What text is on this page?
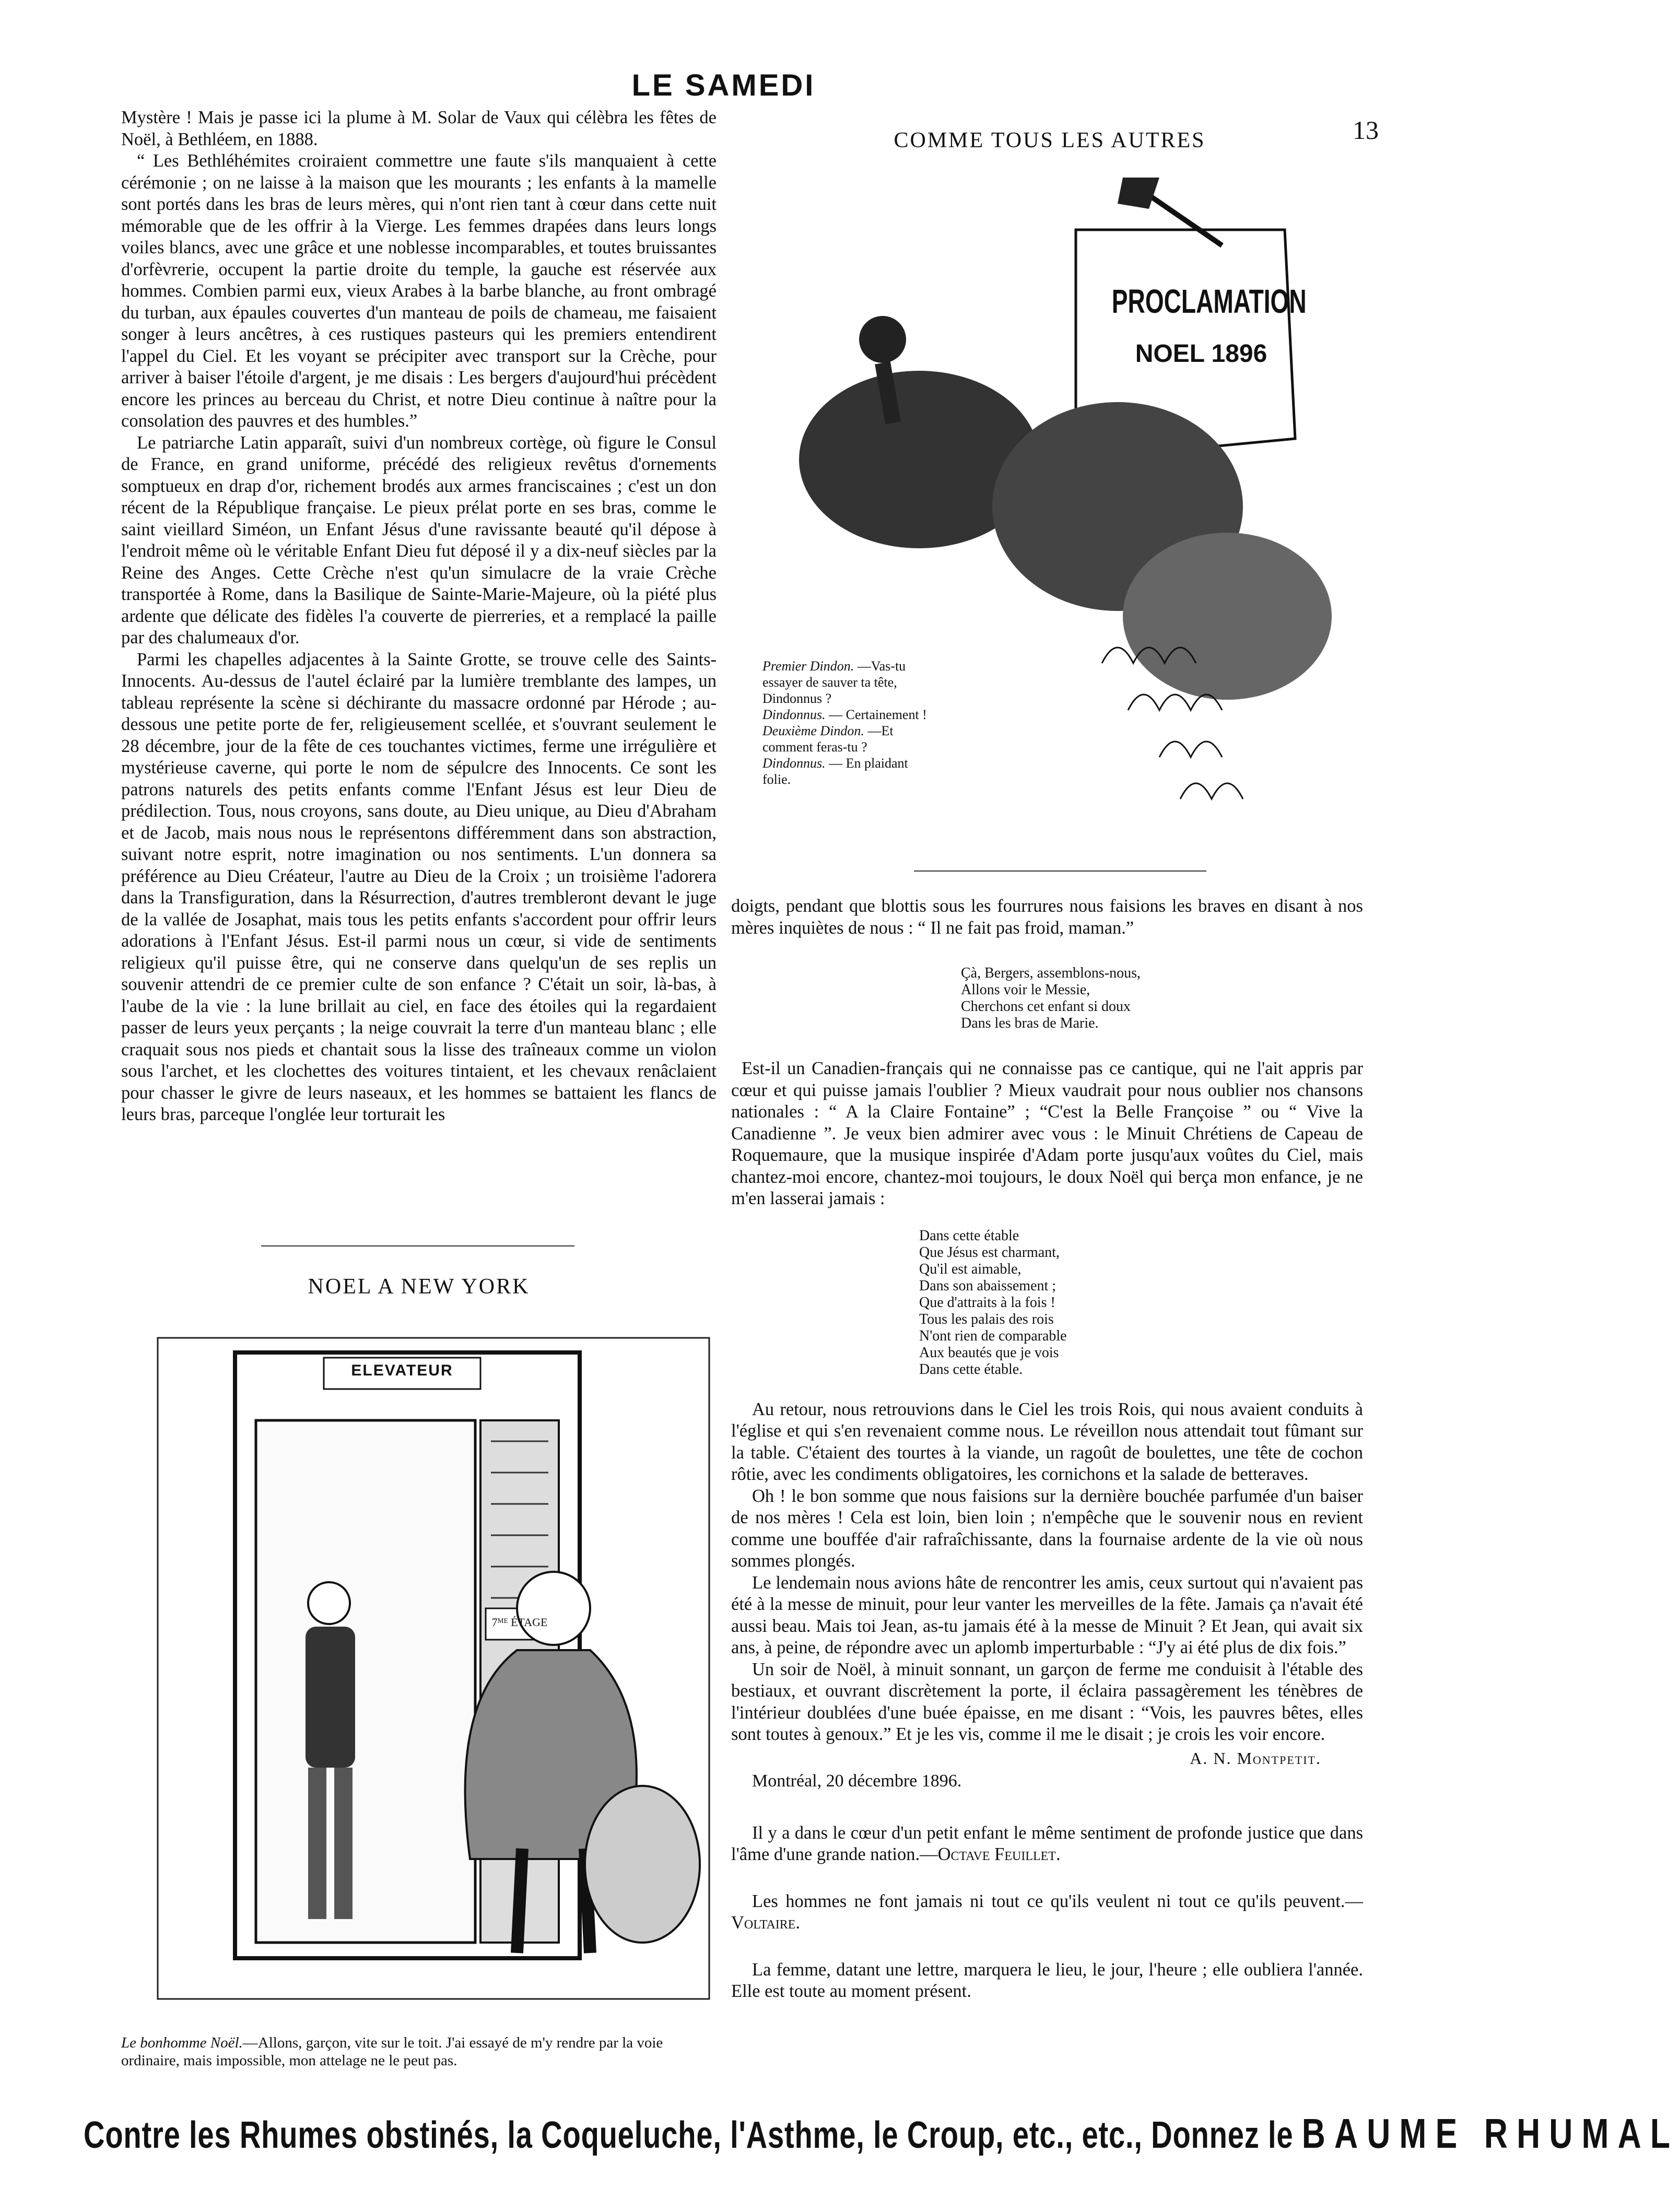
LE SAMEDI
13

Mystère ! Mais je passe ici la plume à M. Solar de Vaux qui célèbra les fêtes de Noël, à Bethléem, en 1888.

“ Les Bethléhémites croiraient commettre une faute s'ils manquaient à cette cérémonie ; on ne laisse à la maison que les mourants ; les enfants à la mamelle sont portés dans les bras de leurs mères, qui n'ont rien tant à cœur dans cette nuit mémorable que de les offrir à la Vierge. Les femmes drapées dans leurs longs voiles blancs, avec une grâce et une noblesse incomparables, et toutes bruissantes d'orfèvrerie, occupent la partie droite du temple, la gauche est réservée aux hommes. Combien parmi eux, vieux Arabes à la barbe blanche, au front ombragé du turban, aux épaules couvertes d'un manteau de poils de chameau, me faisaient songer à leurs ancêtres, à ces rustiques pasteurs qui les premiers entendirent l'appel du Ciel. Et les voyant se précipiter avec transport sur la Crèche, pour arriver à baiser l'étoile d'argent, je me disais : Les bergers d'aujourd'hui précèdent encore les princes au berceau du Christ, et notre Dieu continue à naître pour la consolation des pauvres et des humbles.”

Le patriarche Latin apparaît, suivi d'un nombreux cortège, où figure le Consul de France, en grand uniforme, précédé des religieux revêtus d'ornements somptueux en drap d'or, richement brodés aux armes franciscaines ; c'est un don récent de la République française. Le pieux prélat porte en ses bras, comme le saint vieillard Siméon, un Enfant Jésus d'une ravissante beauté qu'il dépose à l'endroit même où le véritable Enfant Dieu fut déposé il y a dix-neuf siècles par la Reine des Anges. Cette Crèche n'est qu'un simulacre de la vraie Crèche transportée à Rome, dans la Basilique de Sainte-Marie-Majeure, où la piété plus ardente que délicate des fidèles l'a couverte de pierreries, et a remplacé la paille par des chalumeaux d'or.

Parmi les chapelles adjacentes à la Sainte Grotte, se trouve celle des Saints-Innocents. Au-dessus de l'autel éclairé par la lumière tremblante des lampes, un tableau représente la scène si déchirante du massacre ordonné par Hérode ; au-dessous une petite porte de fer, religieusement scellée, et s'ouvrant seulement le 28 décembre, jour de la fête de ces touchantes victimes, ferme une irrégulière et mystérieuse caverne, qui porte le nom de sépulcre des Innocents. Ce sont les patrons naturels des petits enfants comme l'Enfant Jésus est leur Dieu de prédilection. Tous, nous croyons, sans doute, au Dieu unique, au Dieu d'Abraham et de Jacob, mais nous nous le représentons différemment dans son abstraction, suivant notre esprit, notre imagination ou nos sentiments. L'un donnera sa préférence au Dieu Créateur, l'autre au Dieu de la Croix ; un troisième l'adorera dans la Transfiguration, dans la Résurrection, d'autres trembleront devant le juge de la vallée de Josaphat, mais tous les petits enfants s'accordent pour offrir leurs adorations à l'Enfant Jésus. Est-il parmi nous un cœur, si vide de sentiments religieux qu'il puisse être, qui ne conserve dans quelqu'un de ses replis un souvenir attendri de ce premier culte de son enfance ? C'était un soir, là-bas, à l'aube de la vie : la lune brillait au ciel, en face des étoiles qui la regardaient passer de leurs yeux perçants ; la neige couvrait la terre d'un manteau blanc ; elle craquait sous nos pieds et chantait sous la lisse des traîneaux comme un violon sous l'archet, et les clochettes des voitures tintaient, et les chevaux renâclaient pour chasser le givre de leurs naseaux, et les hommes se battaient les flancs de leurs bras, parceque l'onglée leur torturait les

NOEL A NEW YORK
ELEVATEUR
7ᴹᴱ ÉTAGE
Le bonhomme Noël.—Allons, garçon, vite sur le toit. J'ai essayé de m'y rendre par la voie ordinaire, mais impossible, mon attelage ne le peut pas.
COMME TOUS LES AUTRES
PROCLAMATION
NOEL 1896
Premier Dindon. —Vas-tu essayer de sauver ta tête, Dindonnus ?
Dindonnus. — Certainement !
Deuxième Dindon. —Et comment feras-tu ?
Dindonnus. — En plaidant folie.

doigts, pendant que blottis sous les fourrures nous faisions les braves en disant à nos mères inquiètes de nous : “ Il ne fait pas froid, maman.”

Çà, Bergers, assemblons-nous,
Allons voir le Messie,
Cherchons cet enfant si doux
Dans les bras de Marie.

Est-il un Canadien-français qui ne connaisse pas ce cantique, qui ne l'ait appris par cœur et qui puisse jamais l'oublier ? Mieux vaudrait pour nous oublier nos chansons nationales : “ A la Claire Fontaine” ; “C'est la Belle Françoise ” ou “ Vive la Canadienne ”. Je veux bien admirer avec vous : le Minuit Chrétiens de Capeau de Roquemaure, que la musique inspirée d'Adam porte jusqu'aux voûtes du Ciel, mais chantez-moi encore, chantez-moi toujours, le doux Noël qui berça mon enfance, je ne m'en lasserai jamais :

Dans cette étable
Que Jésus est charmant,
Qu'il est aimable,
Dans son abaissement ;
Que d'attraits à la fois !
Tous les palais des rois
N'ont rien de comparable
Aux beautés que je vois
Dans cette étable.

Au retour, nous retrouvions dans le Ciel les trois Rois, qui nous avaient conduits à l'église et qui s'en revenaient comme nous. Le réveillon nous attendait tout fûmant sur la table. C'étaient des tourtes à la viande, un ragoût de boulettes, une tête de cochon rôtie, avec les condiments obligatoires, les cornichons et la salade de betteraves.

Oh ! le bon somme que nous faisions sur la dernière bouchée parfumée d'un baiser de nos mères ! Cela est loin, bien loin ; n'empêche que le souvenir nous en revient comme une bouffée d'air rafraîchissante, dans la fournaise ardente de la vie où nous sommes plongés.

Le lendemain nous avions hâte de rencontrer les amis, ceux surtout qui n'avaient pas été à la messe de minuit, pour leur vanter les merveilles de la fête. Jamais ça n'avait été aussi beau. Mais toi Jean, as-tu jamais été à la messe de Minuit ? Et Jean, qui avait six ans, à peine, de répondre avec un aplomb imperturbable : “J'y ai été plus de dix fois.”

Un soir de Noël, à minuit sonnant, un garçon de ferme me conduisit à l'étable des bestiaux, et ouvrant discrètement la porte, il éclaira passagèrement les ténèbres de l'intérieur doublées d'une buée épaisse, en me disant : “Vois, les pauvres bêtes, elles sont toutes à genoux.” Et je les vis, comme il me le disait ; je crois les voir encore.

A. N. Montpetit.
Montréal, 20 décembre 1896.
Il y a dans le cœur d'un petit enfant le même sentiment de profonde justice que dans l'âme d'une grande nation.—Octave Feuillet.
Les hommes ne font jamais ni tout ce qu'ils veulent ni tout ce qu'ils peuvent.—Voltaire.
La femme, datant une lettre, marquera le lieu, le jour, l'heure ; elle oubliera l'année. Elle est toute au moment présent.
Contre les Rhumes obstinés, la Coqueluche, l'Asthme, le Croup, etc., etc., Donnez le BAUME RHUMAL
